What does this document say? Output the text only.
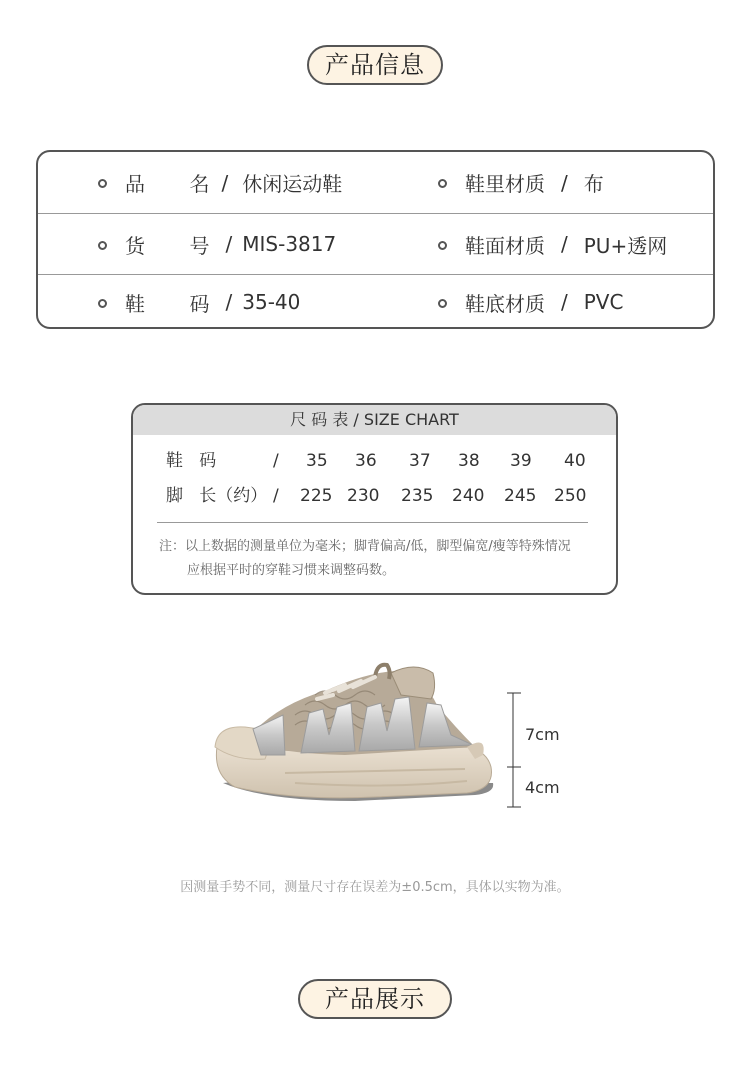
产品信息
品       名 / 休闲运动鞋	鞋里材质 / 布
货       号 / MIS-3817	鞋面材质 / PU+透网
鞋       码 / 35-40	鞋底材质 / PVC
尺 码 表 / SIZE CHART
鞋   码	/ 35 36 37 38 39 40
脚   长（约） / 225 230 235 240 245 250
注：以上数据的测量单位为毫米；脚背偏高/低，脚型偏宽/瘦等特殊情况
应根据平时的穿鞋习惯来调整码数。
7cm
4cm
因测量手势不同，测量尺寸存在误差为±0.5cm，具体以实物为准。
产品展示
